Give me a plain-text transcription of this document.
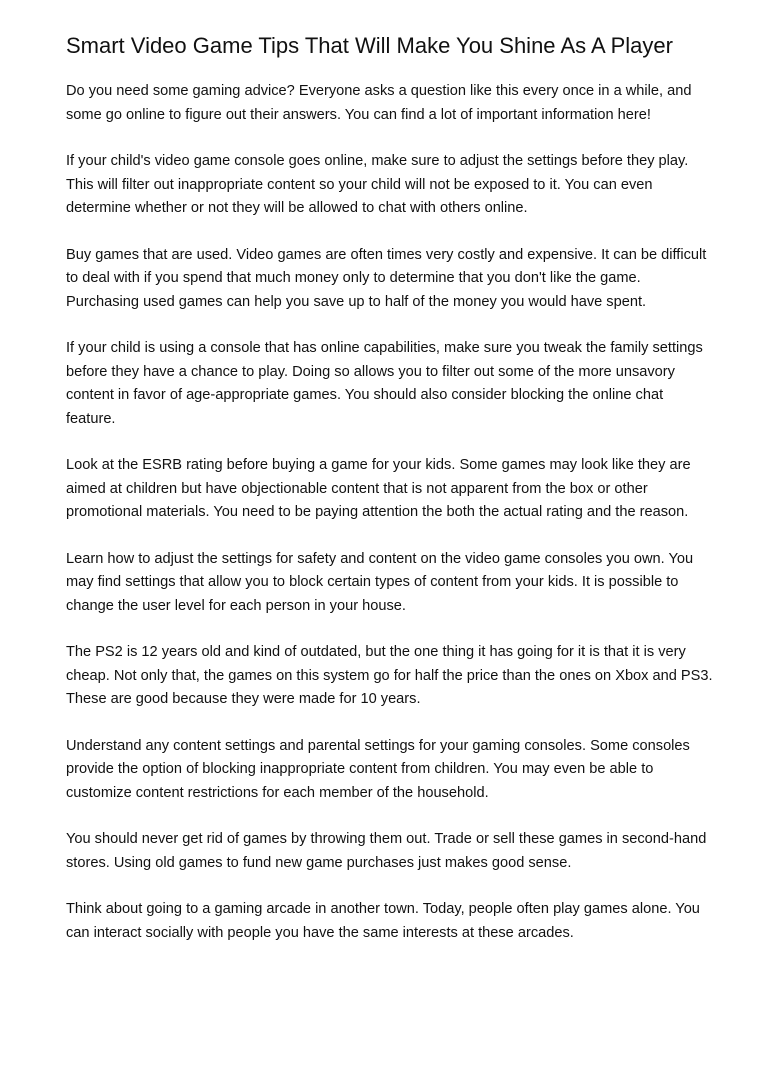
Smart Video Game Tips That Will Make You Shine As A Player

Do you need some gaming advice? Everyone asks a question like this every once in a while, and some go online to figure out their answers. You can find a lot of important information here!

If your child's video game console goes online, make sure to adjust the settings before they play. This will filter out inappropriate content so your child will not be exposed to it. You can even determine whether or not they will be allowed to chat with others online.

Buy games that are used. Video games are often times very costly and expensive. It can be difficult to deal with if you spend that much money only to determine that you don't like the game. Purchasing used games can help you save up to half of the money you would have spent.

If your child is using a console that has online capabilities, make sure you tweak the family settings before they have a chance to play. Doing so allows you to filter out some of the more unsavory content in favor of age-appropriate games. You should also consider blocking the online chat feature.

Look at the ESRB rating before buying a game for your kids. Some games may look like they are aimed at children but have objectionable content that is not apparent from the box or other promotional materials. You need to be paying attention the both the actual rating and the reason.

Learn how to adjust the settings for safety and content on the video game consoles you own. You may find settings that allow you to block certain types of content from your kids. It is possible to change the user level for each person in your house.

The PS2 is 12 years old and kind of outdated, but the one thing it has going for it is that it is very cheap. Not only that, the games on this system go for half the price than the ones on Xbox and PS3. These are good because they were made for 10 years.

Understand any content settings and parental settings for your gaming consoles. Some consoles provide the option of blocking inappropriate content from children. You may even be able to customize content restrictions for each member of the household.

You should never get rid of games by throwing them out. Trade or sell these games in second-hand stores. Using old games to fund new game purchases just makes good sense.

Think about going to a gaming arcade in another town. Today, people often play games alone. You can interact socially with people you have the same interests at these arcades.
